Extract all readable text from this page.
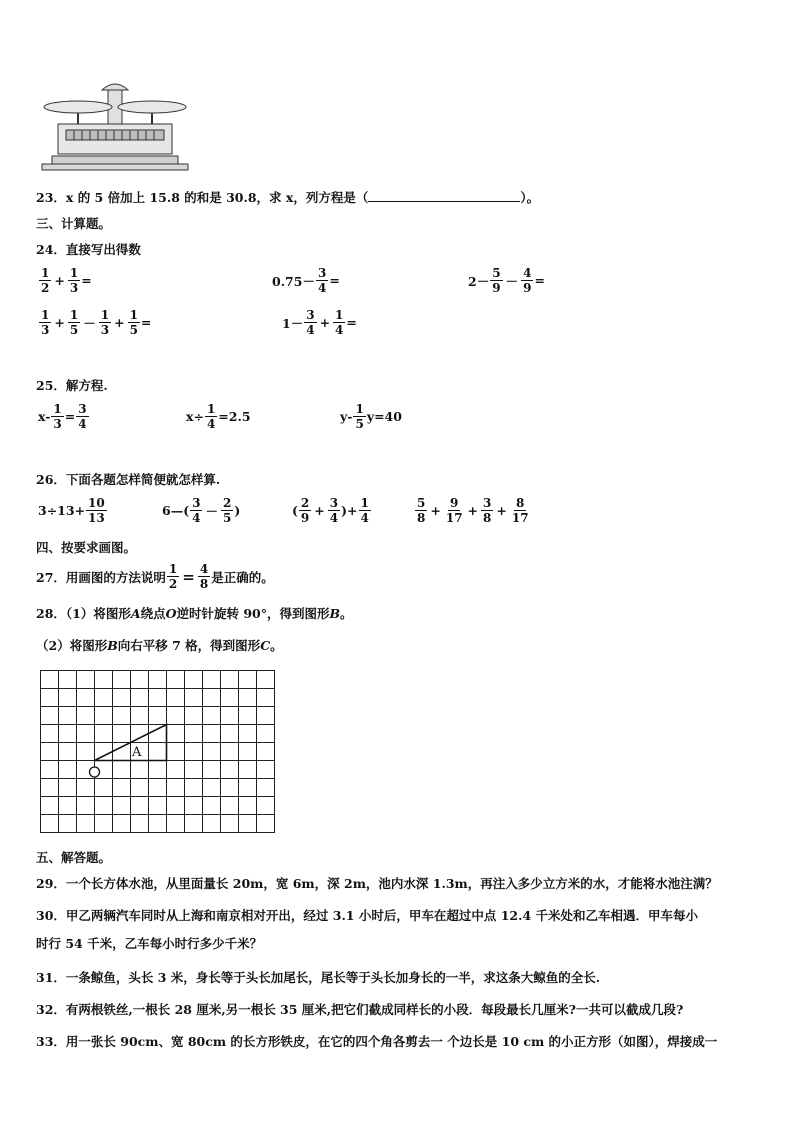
23．x 的 5 倍加上 15.8 的和是 30.8，求 x，列方程是（	）。
三、计算题。
24．直接写出得数
$\frac{1}{2} + \frac{1}{3}$ =	$0.75- \frac{3}{4}$ =	$2- \frac{5}{9} - \frac{4}{9}$ =
$\frac{1}{3} + \frac{1}{5} - \frac{1}{3} + \frac{1}{5}$ =	$1- \frac{3}{4} + \frac{1}{4}$ =
25．解方程.
$x- \frac{1}{3} = \frac{3}{4}$	$x\div \frac{1}{4} =2.5$	$y- \frac{1}{5} y=40$
26．下面各题怎样简便就怎样算.
$3\div 13+ \frac{10}{13}$	6—( $\frac{3}{4} - \frac{2}{5}$ )	( $\frac{2}{9} + \frac{3}{4}$ )+ $\frac{1}{4}$	$\frac{5}{8} + \frac{9}{17} + \frac{3}{8} + \frac{8}{17}$
四、按要求画图。
27． 用画图的方法说明 $\frac{1}{2} = \frac{4}{8}$ 是正确的。
28．（1）将图形A绕点O逆时针旋转 90°，得到图形B。
（2）将图形B向右平移 7 格，得到图形C。
A
五、解答题。
29．一个长方体水池，从里面量长 20m，宽 6m，深 2m，池内水深 1.3m，再注入多少立方米的水，才能将水池注满？
30．甲乙两辆汽车同时从上海和南京相对开出，经过 3.1 小时后，甲车在超过中点 12.4 千米处和乙车相遇．甲车每小
时行 54 千米，乙车每小时行多少千米？
31．一条鲸鱼，头长 3 米，身长等于头长加尾长，尾长等于头长加身长的一半，求这条大鲸鱼的全长.
32．有两根铁丝,一根长 28 厘米,另一根长 35 厘米,把它们截成同样长的小段．每段最长几厘米?一共可以截成几段?
33．用一张长 90cm、宽 80cm 的长方形铁皮，在它的四个角各剪去一 个边长是 10 cm 的小正方形（如图），焊接成一
